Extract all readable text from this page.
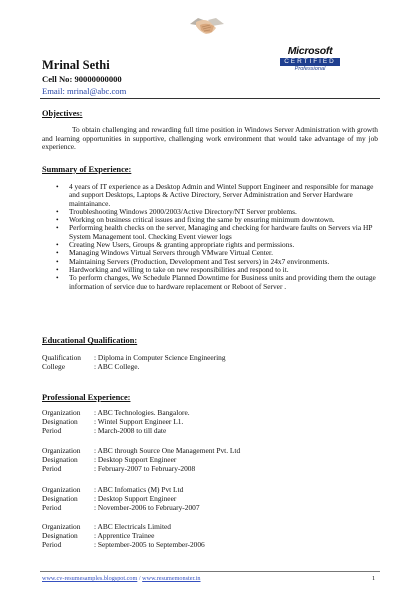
Microsoft
CERTIFIED
Professional
Mrinal Sethi
Cell No: 90000000000
Email: mrinal@abc.com
Objectives:
To obtain challenging and rewarding full time position in Windows Server Administration with growth and learning opportunities in supportive, challenging work environment that would take advantage of my job experience.
Summary of Experience:
• 4 years of IT experience as a Desktop Admin and Wintel Support Engineer and responsible for manage and support Desktops, Laptops & Active Directory, Server Administration and Server Hardware maintainance.
• Troubleshooting Windows 2000/2003/Active Directory/NT Server problems.
• Working on business critical issues and fixing the same by ensuring minimum downtown.
• Performing health checks on the server, Managing and checking for hardware faults on Servers via HP System Management tool. Checking Event viewer logs
• Creating New Users, Groups & granting appropriate rights and permissions.
• Managing Windows Virtual Servers through VMware Virtual Center.
• Maintaining Servers (Production, Development and Test servers) in 24x7 environments.
• Hardworking and willing to take on new responsibilities and respond to it.
• To perform changes, We Schedule Planned Downtime for Business units and providing them the outage information of service due to hardware replacement or Reboot of Server .
Educational Qualification:
Qualification : Diploma in Computer Science Engineering
College	: ABC College.
Professional Experience:
Organization : ABC Technologies. Bangalore.
Designation : Wintel Support Engineer L1.
Period	: March-2008 to till date
Organization : ABC through Source One Management Pvt. Ltd
Designation : Desktop Support Engineer
Period	: February-2007 to February-2008
Organization : ABC Infomatics (M) Pvt Ltd
Designation : Desktop Support Engineer
Period	: November-2006 to February-2007
Organization : ABC Electricals Limited
Designation : Apprentice Trainee
Period	: September-2005 to September-2006
www.cv-resumesamples.blogspot.com / www.resumemonster.in	1
